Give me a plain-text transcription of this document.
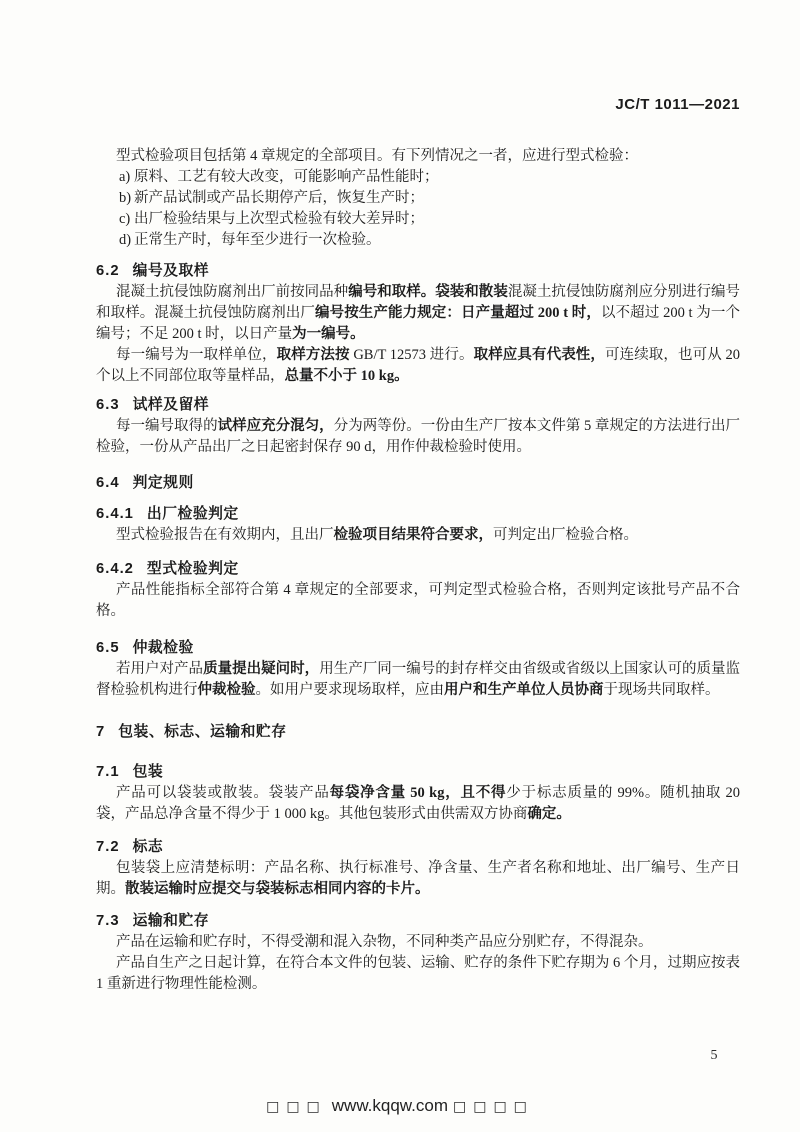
JC/T 1011—2021

型式检验项目包括第 4 章规定的全部项目。有下列情况之一者，应进行型式检验：

a) 原料、工艺有较大改变，可能影响产品性能时；
b) 新产品试制或产品长期停产后，恢复生产时；
c) 出厂检验结果与上次型式检验有较大差异时；
d) 正常生产时，每年至少进行一次检验。
6.2 编号及取样

混凝土抗侵蚀防腐剂出厂前按同品种编号和取样。袋装和散装混凝土抗侵蚀防腐剂应分别进行编号和取样。混凝土抗侵蚀防腐剂出厂编号按生产能力规定：日产量超过 200 t 时，以不超过 200 t 为一个编号；不足 200 t 时，以日产量为一编号。

每一编号为一取样单位，取样方法按 GB/T 12573 进行。取样应具有代表性，可连续取，也可从 20 个以上不同部位取等量样品，总量不小于 10 kg。

6.3 试样及留样

每一编号取得的试样应充分混匀，分为两等份。一份由生产厂按本文件第 5 章规定的方法进行出厂检验，一份从产品出厂之日起密封保存 90 d，用作仲裁检验时使用。

6.4 判定规则
6.4.1 出厂检验判定

型式检验报告在有效期内，且出厂检验项目结果符合要求，可判定出厂检验合格。

6.4.2 型式检验判定

产品性能指标全部符合第 4 章规定的全部要求，可判定型式检验合格，否则判定该批号产品不合格。

6.5 仲裁检验

若用户对产品质量提出疑问时，用生产厂同一编号的封存样交由省级或省级以上国家认可的质量监督检验机构进行仲裁检验。如用户要求现场取样，应由用户和生产单位人员协商于现场共同取样。

7 包装、标志、运输和贮存
7.1 包装

产品可以袋装或散装。袋装产品每袋净含量 50 kg，且不得少于标志质量的 99%。随机抽取 20 袋，产品总净含量不得少于 1 000 kg。其他包装形式由供需双方协商确定。

7.2 标志

包装袋上应清楚标明：产品名称、执行标准号、净含量、生产者名称和地址、出厂编号、生产日期。散装运输时应提交与袋装标志相同内容的卡片。

7.3 运输和贮存

产品在运输和贮存时，不得受潮和混入杂物，不同种类产品应分别贮存，不得混杂。

产品自生产之日起计算，在符合本文件的包装、运输、贮存的条件下贮存期为 6 个月，过期应按表 1 重新进行物理性能检测。

5
□□□ www.kqqw.com □□□□
